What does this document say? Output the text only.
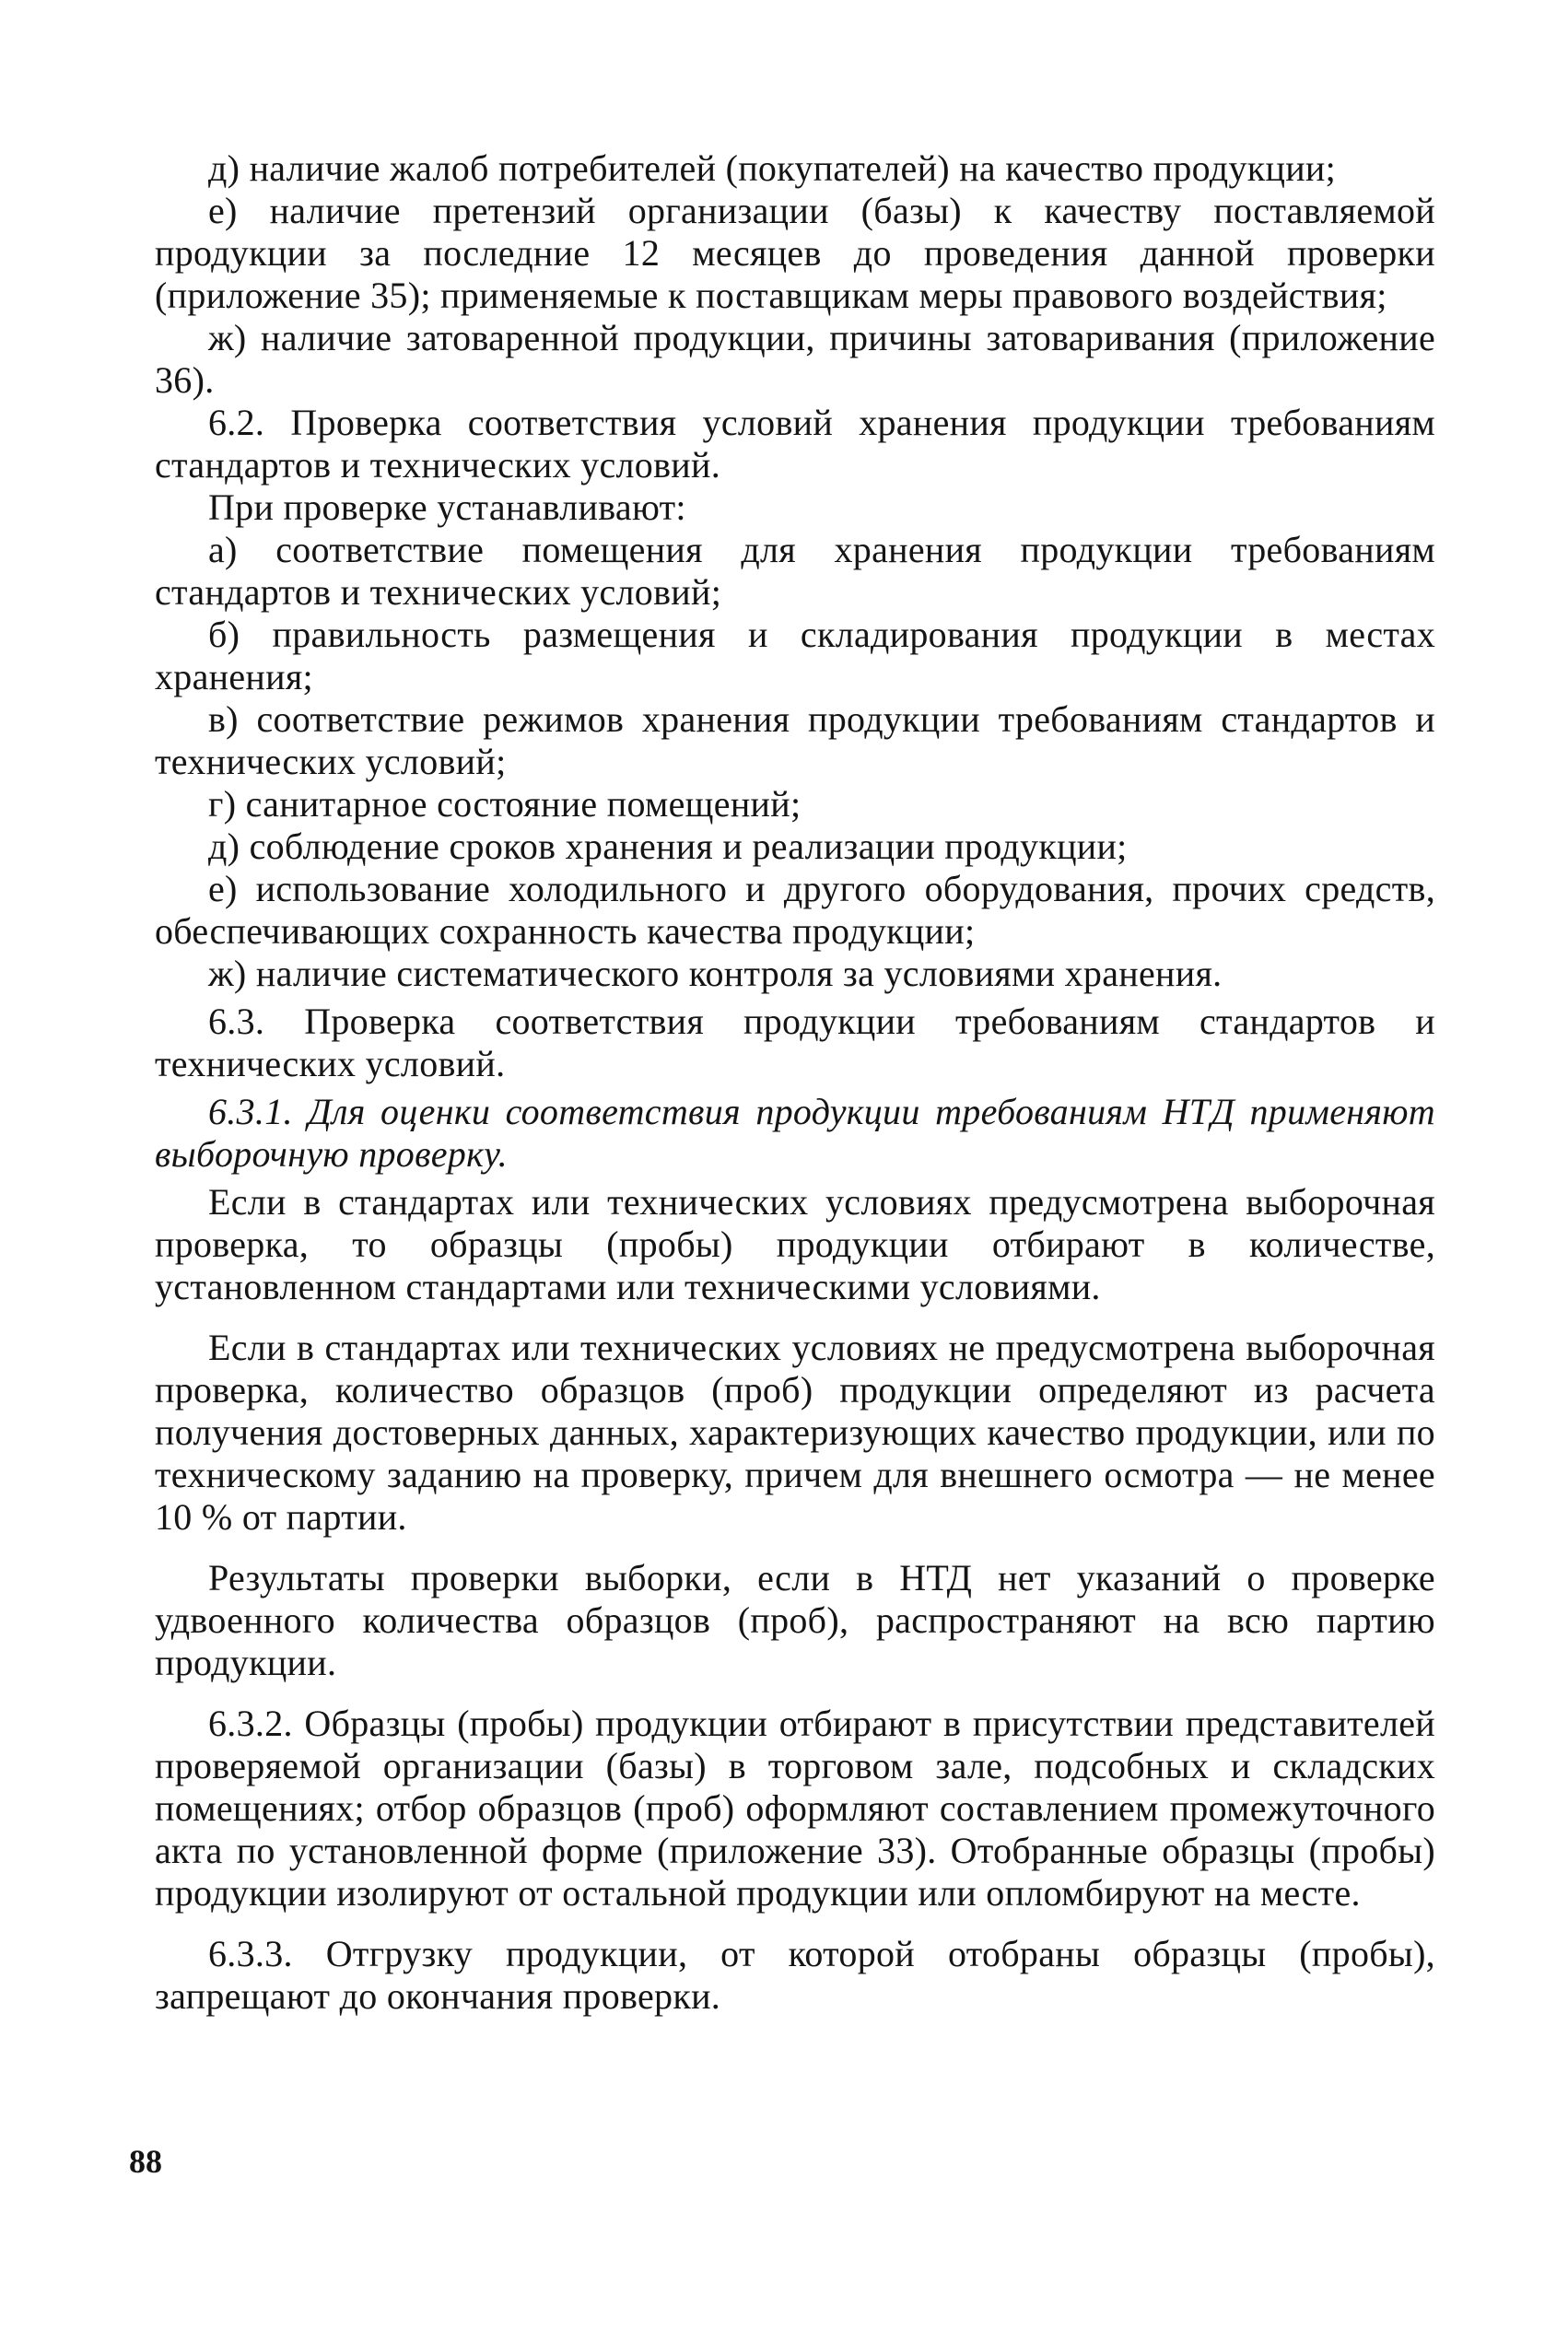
д) наличие жалоб потребителей (покупателей) на качество продукции;

е) наличие претензий организации (базы) к качеству поставляемой продукции за последние 12 месяцев до проведения данной проверки (приложение 35); применяемые к поставщикам меры правового воздействия;

ж) наличие затоваренной продукции, причины затоваривания (приложение 36).

6.2. Проверка соответствия условий хранения продукции требованиям стандартов и технических условий.

При проверке устанавливают:

а) соответствие помещения для хранения продукции требованиям стандартов и технических условий;

б) правильность размещения и складирования продукции в местах хранения;

в) соответствие режимов хранения продукции требованиям стандартов и технических условий;

г) санитарное состояние помещений;

д) соблюдение сроков хранения и реализации продукции;

е) использование холодильного и другого оборудования, прочих средств, обеспечивающих сохранность качества продукции;

ж) наличие систематического контроля за условиями хранения.

6.3. Проверка соответствия продукции требованиям стандартов и технических условий.

6.3.1. Для оценки соответствия продукции требованиям НТД применяют выборочную проверку.

Если в стандартах или технических условиях предусмотрена выборочная проверка, то образцы (пробы) продукции отбирают в количестве, установленном стандартами или техническими условиями.

Если в стандартах или технических условиях не предусмотрена выборочная проверка, количество образцов (проб) продукции определяют из расчета получения достоверных данных, характеризующих качество продукции, или по техническому заданию на проверку, причем для внешнего осмотра — не менее 10 % от партии.

Результаты проверки выборки, если в НТД нет указаний о проверке удвоенного количества образцов (проб), распространяют на всю партию продукции.

6.3.2. Образцы (пробы) продукции отбирают в присутствии представителей проверяемой организации (базы) в торговом зале, подсобных и складских помещениях; отбор образцов (проб) оформляют составлением промежуточного акта по установленной форме (приложение 33). Отобранные образцы (пробы) продукции изолируют от остальной продукции или опломбируют на месте.

6.3.3. Отгрузку продукции, от которой отобраны образцы (пробы), запрещают до окончания проверки.

88
